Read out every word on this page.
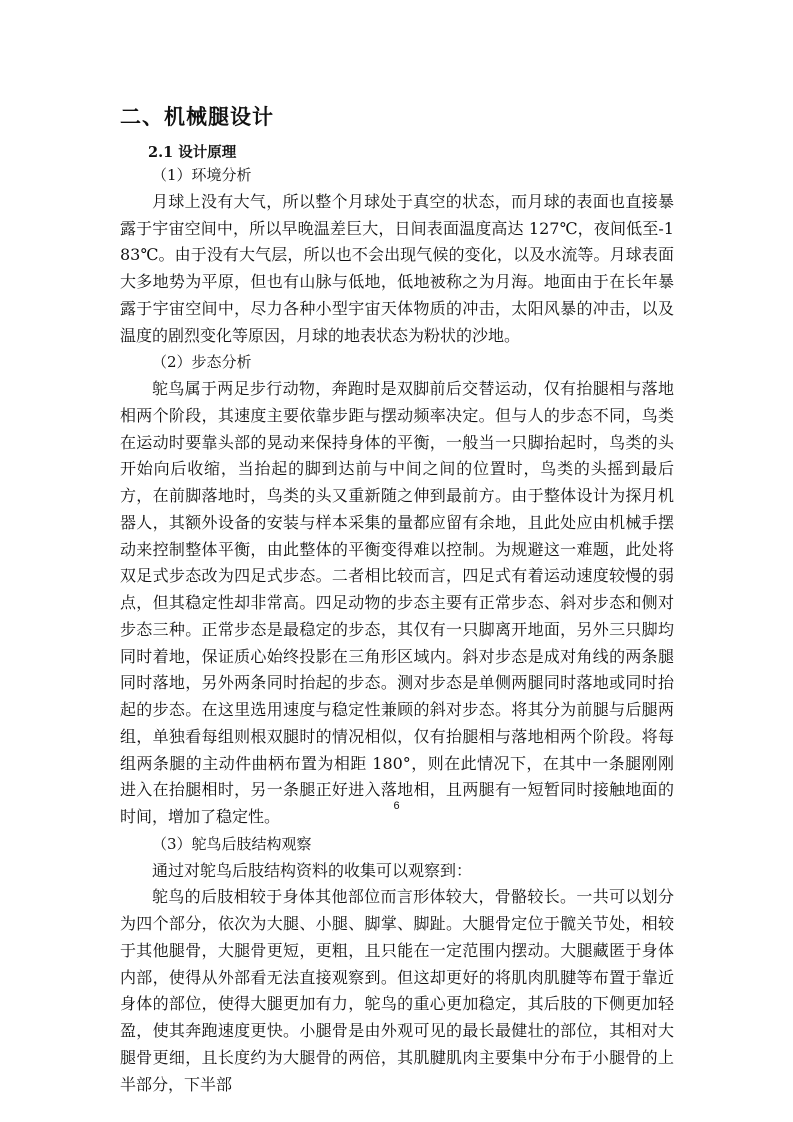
二、机械腿设计
2.1 设计原理

（1）环境分析

月球上没有大气，所以整个月球处于真空的状态，而月球的表面也直接暴露于宇宙空间中，所以早晚温差巨大，日间表面温度高达 127℃，夜间低至-183℃。由于没有大气层，所以也不会出现气候的变化，以及水流等。月球表面大多地势为平原，但也有山脉与低地，低地被称之为月海。地面由于在长年暴露于宇宙空间中，尽力各种小型宇宙天体物质的冲击，太阳风暴的冲击，以及温度的剧烈变化等原因，月球的地表状态为粉状的沙地。

（2）步态分析

鸵鸟属于两足步行动物，奔跑时是双脚前后交替运动，仅有抬腿相与落地相两个阶段，其速度主要依靠步距与摆动频率决定。但与人的步态不同，鸟类在运动时要靠头部的晃动来保持身体的平衡，一般当一只脚抬起时，鸟类的头开始向后收缩，当抬起的脚到达前与中间之间的位置时，鸟类的头摇到最后方，在前脚落地时，鸟类的头又重新随之伸到最前方。由于整体设计为探月机器人，其额外设备的安装与样本采集的量都应留有余地，且此处应由机械手摆动来控制整体平衡，由此整体的平衡变得难以控制。为规避这一难题，此处将双足式步态改为四足式步态。二者相比较而言，四足式有着运动速度较慢的弱点，但其稳定性却非常高。四足动物的步态主要有正常步态、斜对步态和侧对步态三种。正常步态是最稳定的步态，其仅有一只脚离开地面，另外三只脚均同时着地，保证质心始终投影在三角形区域内。斜对步态是成对角线的两条腿同时落地，另外两条同时抬起的步态。测对步态是单侧两腿同时落地或同时抬起的步态。在这里选用速度与稳定性兼顾的斜对步态。将其分为前腿与后腿两组，单独看每组则根双腿时的情况相似，仅有抬腿相与落地相两个阶段。将每组两条腿的主动件曲柄布置为相距 180°，则在此情况下，在其中一条腿刚刚进入在抬腿相时，另一条腿正好进入落地相，且两腿有一短暂同时接触地面的时间，增加了稳定性。

（3）鸵鸟后肢结构观察

通过对鸵鸟后肢结构资料的收集可以观察到：

鸵鸟的后肢相较于身体其他部位而言形体较大，骨骼较长。一共可以划分为四个部分，依次为大腿、小腿、脚掌、脚趾。大腿骨定位于髋关节处，相较于其他腿骨，大腿骨更短，更粗，且只能在一定范围内摆动。大腿藏匿于身体内部，使得从外部看无法直接观察到。但这却更好的将肌肉肌腱等布置于靠近身体的部位，使得大腿更加有力，鸵鸟的重心更加稳定，其后肢的下侧更加轻盈，使其奔跑速度更快。小腿骨是由外观可见的最长最健壮的部位，其相对大腿骨更细，且长度约为大腿骨的两倍，其肌腱肌肉主要集中分布于小腿骨的上半部分，下半部

6
